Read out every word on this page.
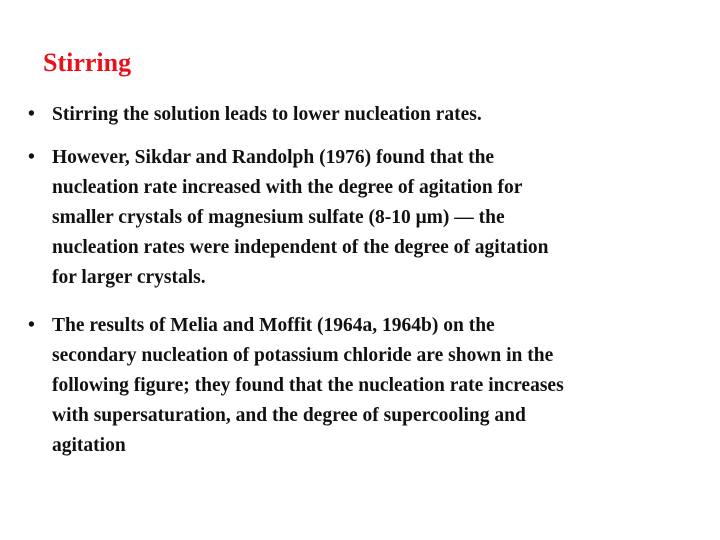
Stirring
• Stirring the solution leads to lower nucleation rates.
• However, Sikdar and Randolph (1976) found that the
nucleation rate increased with the degree of agitation for
smaller crystals of magnesium sulfate (8-10 μm) — the
nucleation rates were independent of the degree of agitation
for larger crystals.
• The results of Melia and Moffit (1964a, 1964b) on the
secondary nucleation of potassium chloride are shown in the
following figure; they found that the nucleation rate increases
with supersaturation, and the degree of supercooling and
agitation
